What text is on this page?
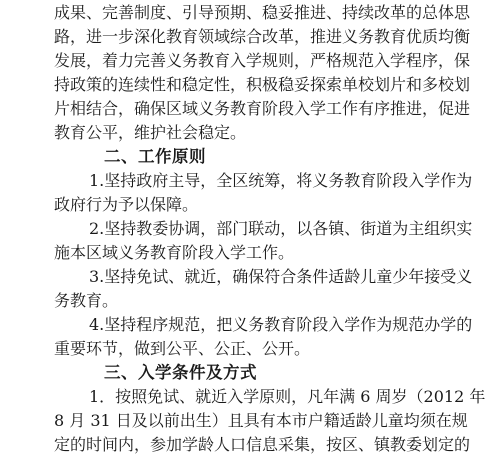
成果、完善制度、引导预期、稳妥推进、持续改革的总体思
路，进一步深化教育领域综合改革，推进义务教育优质均衡
发展，着力完善义务教育入学规则，严格规范入学程序，保
持政策的连续性和稳定性，积极稳妥探索单校划片和多校划
片相结合，确保区域义务教育阶段入学工作有序推进，促进
教育公平，维护社会稳定。
二、工作原则
1.坚持政府主导，全区统筹，将义务教育阶段入学作为
政府行为予以保障。
2.坚持教委协调，部门联动，以各镇、街道为主组织实
施本区域义务教育阶段入学工作。
3.坚持免试、就近，确保符合条件适龄儿童少年接受义
务教育。
4.坚持程序规范，把义务教育阶段入学作为规范办学的
重要环节，做到公平、公正、公开。
三、入学条件及方式
1．按照免试、就近入学原则，凡年满 6 周岁（2012 年
8 月 31 日及以前出生）且具有本市户籍适龄儿童均须在规
定的时间内，参加学龄人口信息采集，按区、镇教委划定的
